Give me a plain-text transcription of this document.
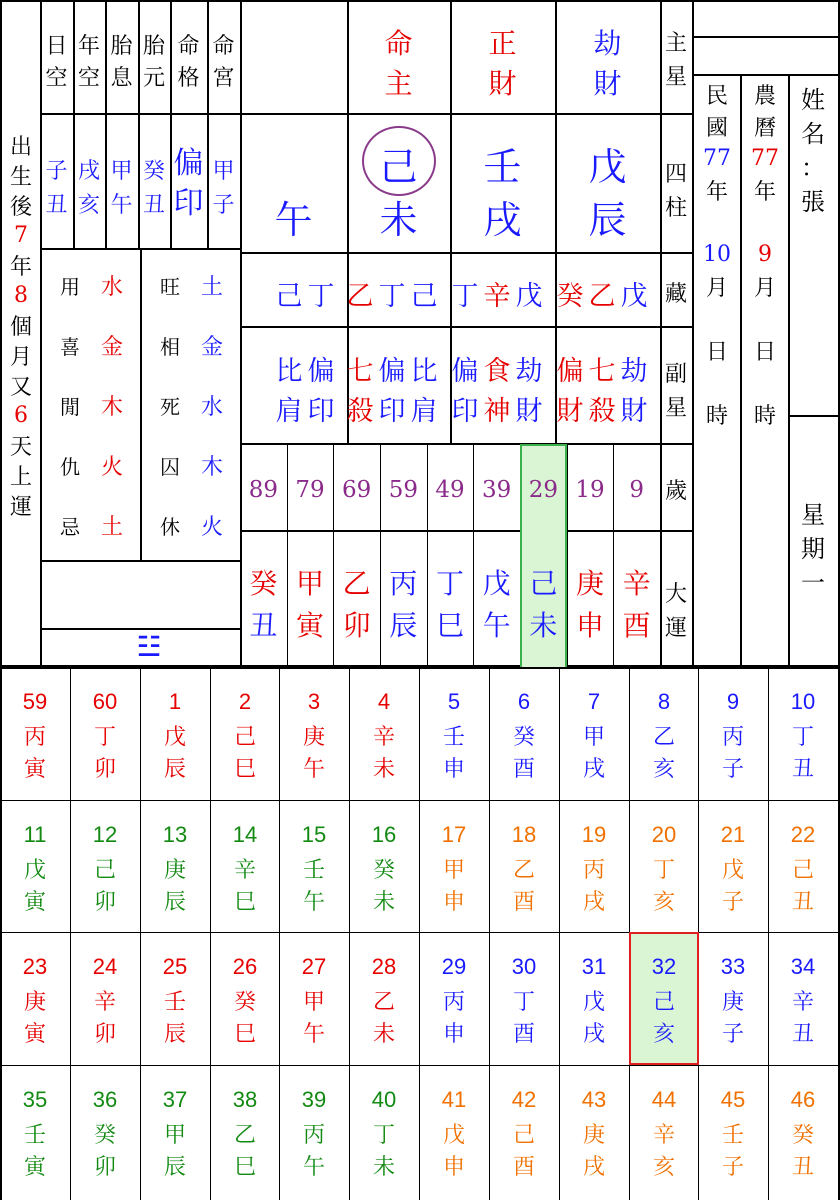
出
生
後
7
年
8
個
月
又
6
天
上
運
日
空
年
空
胎
息
胎
元
命
格
命
宮
子
丑
戌
亥
甲
午
癸
丑
偏
印
甲
子
用 水
喜 金
閒 木
仇 火
忌 土
旺 土
相 金
死 水
囚 木
休 火
☳
命
主
正
財
劫
財
午
己
未
壬
戌
戊
辰
己 丁 乙 丁 己 丁 辛 戊 癸 乙 戊
比
肩
偏
印
七
殺
偏
印
比
肩
偏
印
食
神
劫
財
偏
財
七
殺
劫
財
主
星
四
柱
藏
副
星
歲
大
運
89
癸
丑
79
甲
寅
69
乙
卯
59
丙
辰
49
丁
巳
39
戊
午
29
己
未
19
庚
申
9
辛
酉
民
國
77
年
農
曆
77
年
10
月
日
時
9
月
日
時
姓
名
：
張
星
期
一
59
丙
寅
60
丁
卯
1
戊
辰
2
己
巳
3
庚
午
4
辛
未
5
壬
申
6
癸
酉
7
甲
戌
8
乙
亥
9
丙
子
10
丁
丑
11
戊
寅
12
己
卯
13
庚
辰
14
辛
巳
15
壬
午
16
癸
未
17
甲
申
18
乙
酉
19
丙
戌
20
丁
亥
21
戊
子
22
己
丑
23
庚
寅
24
辛
卯
25
壬
辰
26
癸
巳
27
甲
午
28
乙
未
29
丙
申
30
丁
酉
31
戊
戌
32
己
亥
33
庚
子
34
辛
丑
35
壬
寅
36
癸
卯
37
甲
辰
38
乙
巳
39
丙
午
40
丁
未
41
戊
申
42
己
酉
43
庚
戌
44
辛
亥
45
壬
子
46
癸
丑
